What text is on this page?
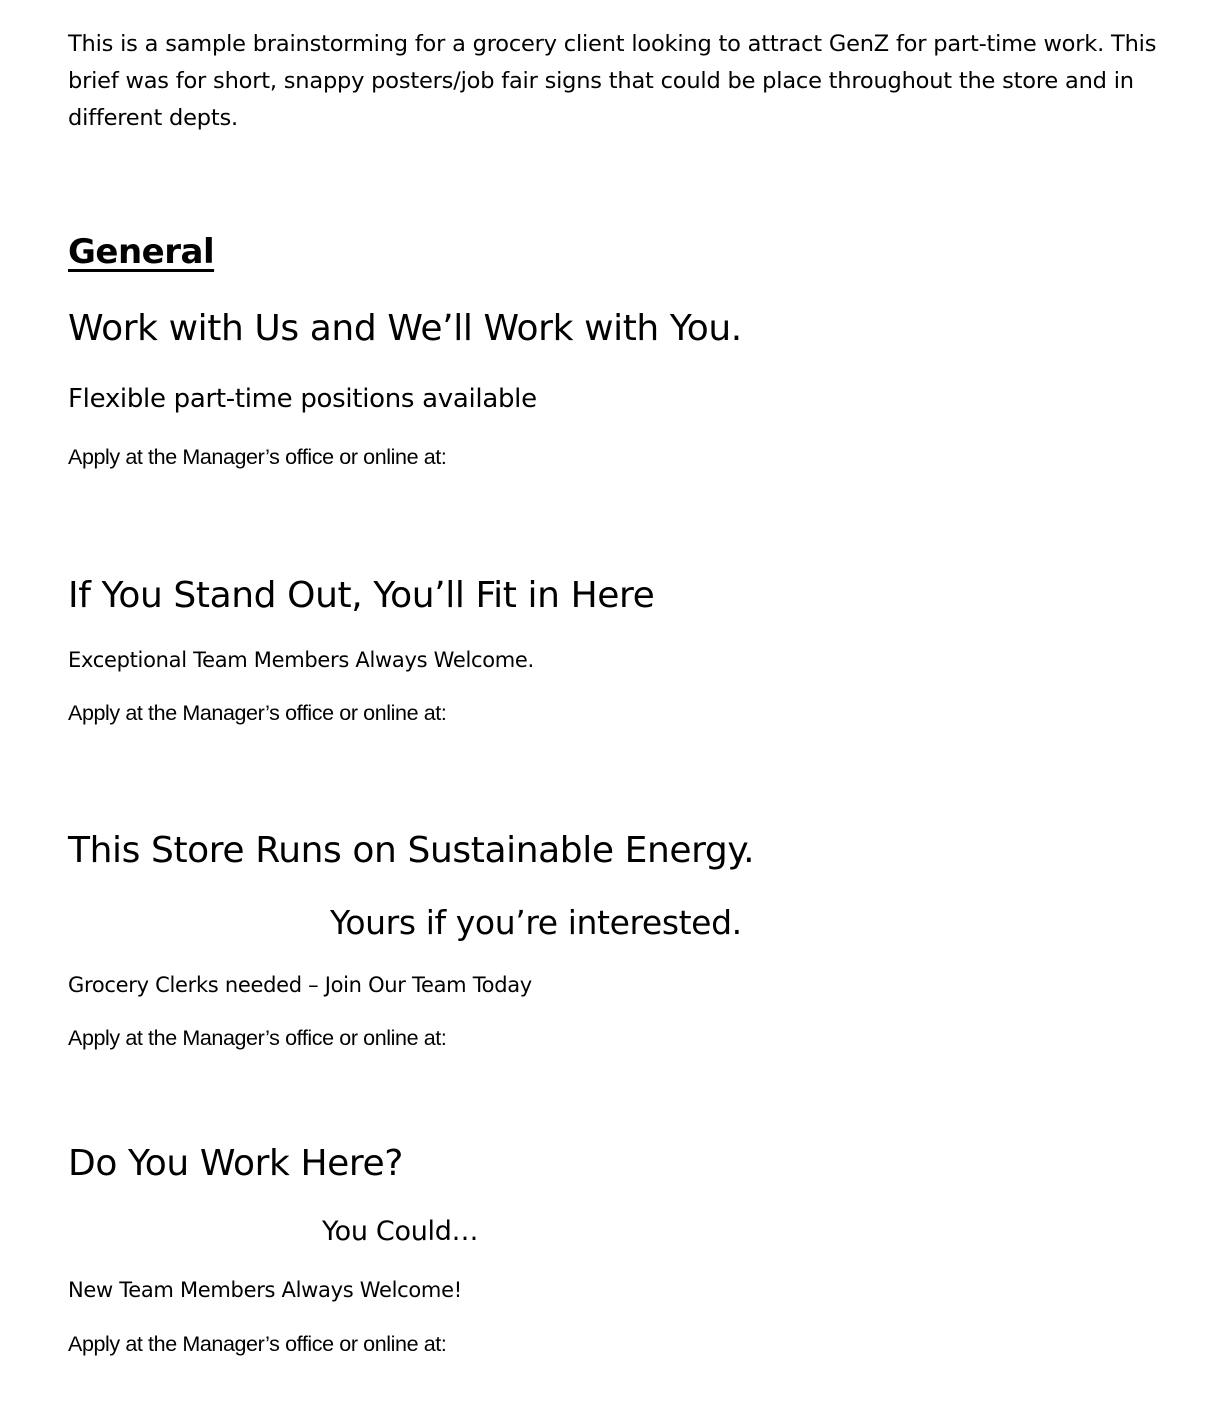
This is a sample brainstorming for a grocery client looking to attract GenZ for part-time work. This brief was for short, snappy posters/job fair signs that could be place throughout the store and in different depts.

General
Work with Us and We’ll Work with You.
Flexible part-time positions available
Apply at the Manager’s office or online at:
If You Stand Out, You’ll Fit in Here
Exceptional Team Members Always Welcome.
Apply at the Manager’s office or online at:
This Store Runs on Sustainable Energy.
Yours if you’re interested.
Grocery Clerks needed – Join Our Team Today
Apply at the Manager’s office or online at:
Do You Work Here?
You Could…
New Team Members Always Welcome!
Apply at the Manager’s office or online at:
